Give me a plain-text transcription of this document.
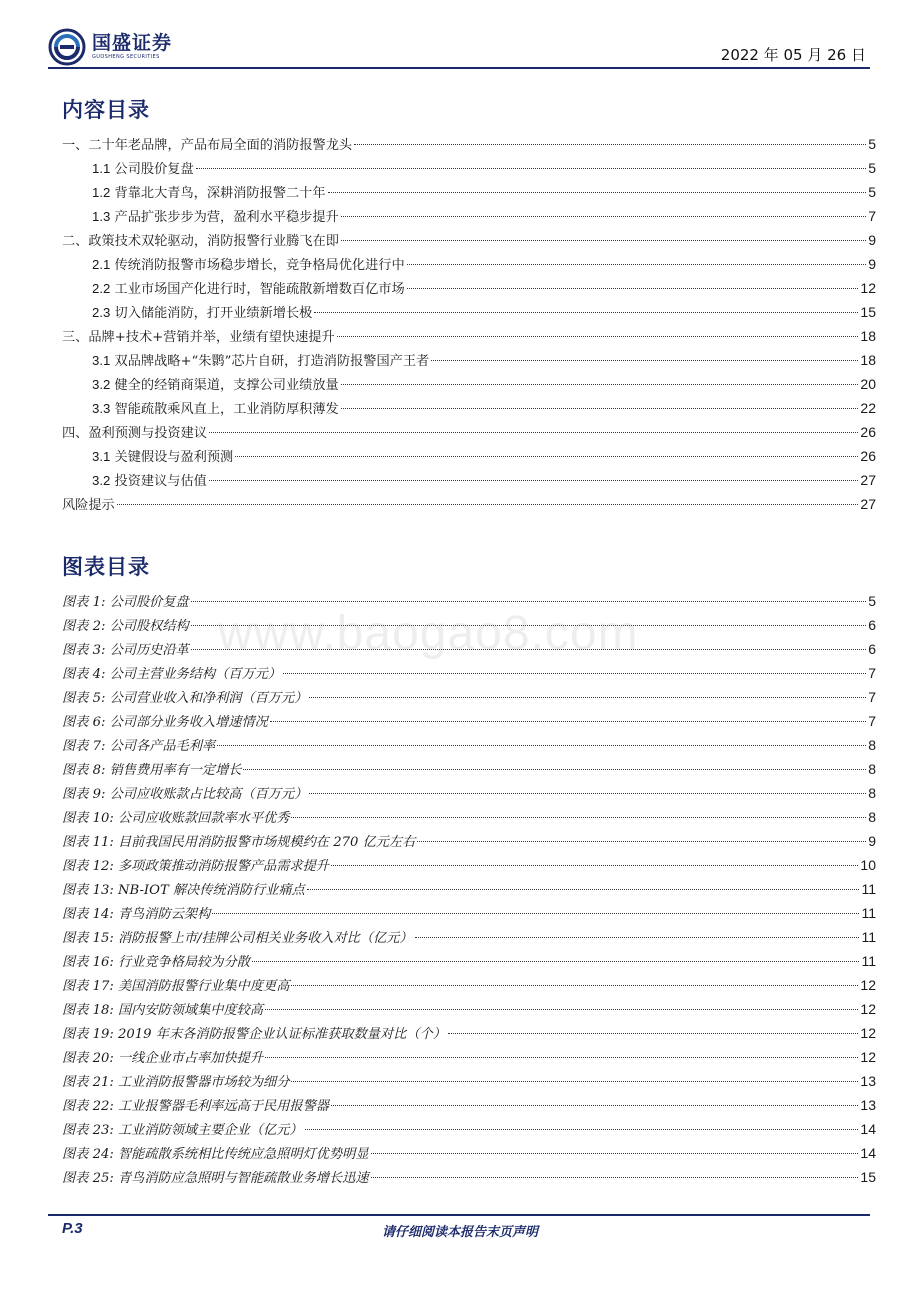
国盛证券
GUOSHENG SECURITIES	2022 年 05 月 26 日
内容目录
一、二十年老品牌，产品布局全面的消防报警龙头	5
1.1 公司股价复盘	5
1.2 背靠北大青鸟，深耕消防报警二十年	5
1.3 产品扩张步步为营，盈利水平稳步提升	7
二、政策技术双轮驱动，消防报警行业腾飞在即	9
2.1 传统消防报警市场稳步增长，竞争格局优化进行中	9
2.2 工业市场国产化进行时，智能疏散新增数百亿市场	12
2.3 切入储能消防，打开业绩新增长极	15
三、品牌+技术+营销并举，业绩有望快速提升	18
3.1 双品牌战略+“朱鹮”芯片自研，打造消防报警国产王者	18
3.2 健全的经销商渠道，支撑公司业绩放量	20
3.3 智能疏散乘风直上，工业消防厚积薄发	22
四、盈利预测与投资建议	26
3.1 关键假设与盈利预测	26
3.2 投资建议与估值	27
风险提示	27
图表目录
图表 1: 公司股价复盘	5
图表 2: 公司股权结构	6
图表 3: 公司历史沿革	6
图表 4: 公司主营业务结构（百万元）	7
图表 5: 公司营业收入和净利润（百万元）	7
图表 6: 公司部分业务收入增速情况	7
图表 7: 公司各产品毛利率	8
图表 8: 销售费用率有一定增长	8
图表 9: 公司应收账款占比较高（百万元）	8
图表 10: 公司应收账款回款率水平优秀	8
图表 11: 目前我国民用消防报警市场规模约在 270 亿元左右	9
图表 12: 多项政策推动消防报警产品需求提升	10
图表 13: NB-IOT 解决传统消防行业痛点	11
图表 14: 青鸟消防云架构	11
图表 15: 消防报警上市/挂牌公司相关业务收入对比（亿元）	11
图表 16: 行业竞争格局较为分散	11
图表 17: 美国消防报警行业集中度更高	12
图表 18: 国内安防领域集中度较高	12
图表 19: 2019 年末各消防报警企业认证标准获取数量对比（个）	12
图表 20: 一线企业市占率加快提升	12
图表 21: 工业消防报警器市场较为细分	13
图表 22: 工业报警器毛利率远高于民用报警器	13
图表 23: 工业消防领域主要企业（亿元）	14
图表 24: 智能疏散系统相比传统应急照明灯优势明显	14
图表 25: 青鸟消防应急照明与智能疏散业务增长迅速	15
www.baogao8.com
P.3	请仔细阅读本报告末页声明
